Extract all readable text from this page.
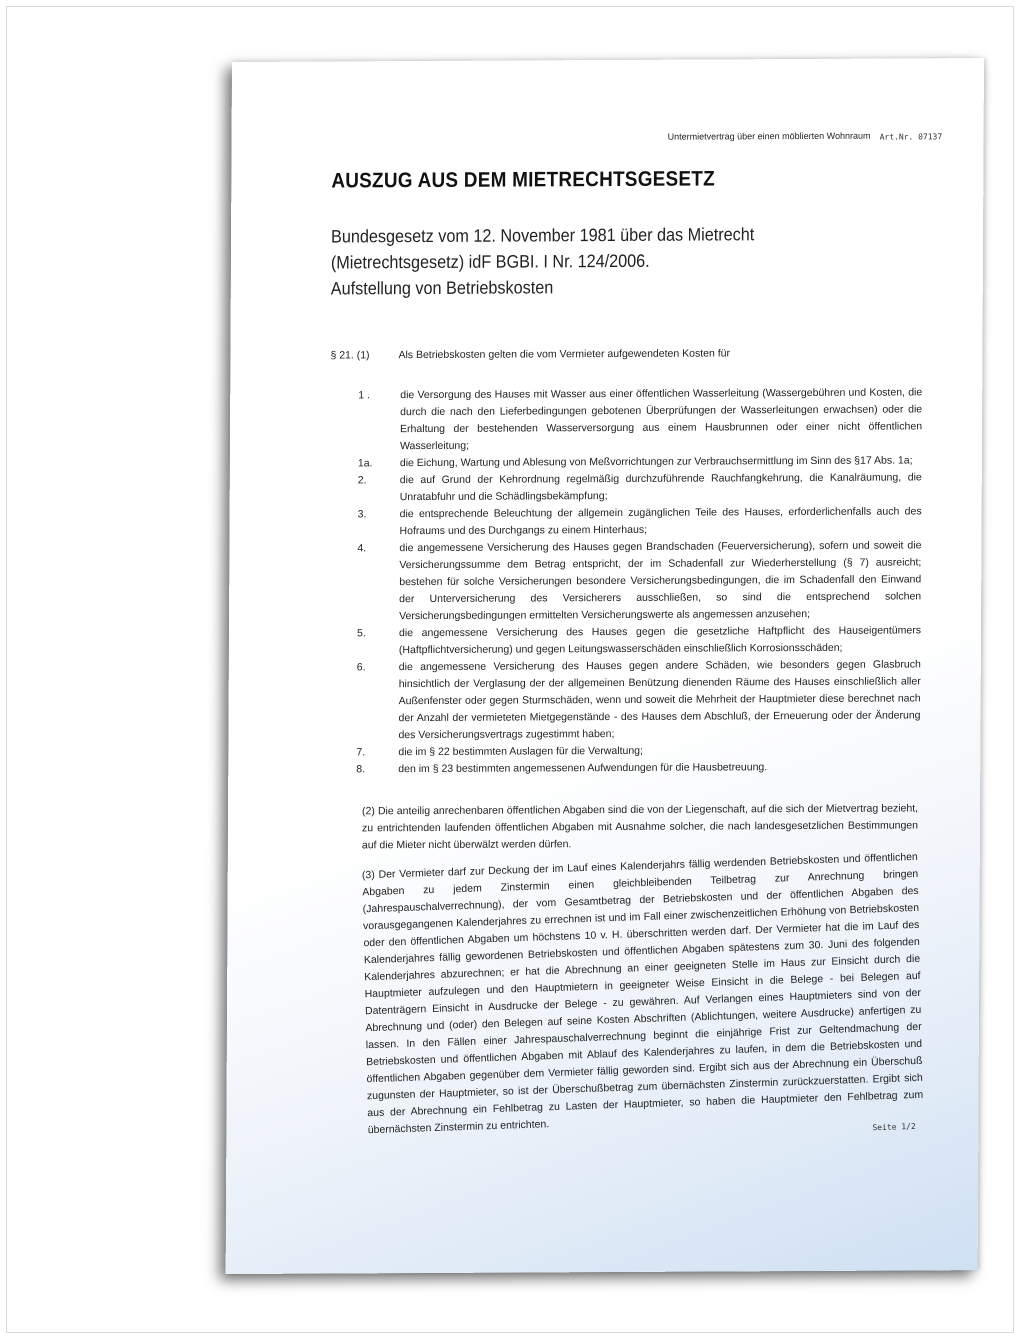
Untermietvertrag über einen möblierten Wohnraum Art.Nr. 07137
AUSZUG AUS DEM MIETRECHTSGESETZ
Bundesgesetz vom 12. November 1981 über das Mietrecht
(Mietrechtsgesetz) idF BGBI. I Nr. 124/2006.
Aufstellung von Betriebskosten
§ 21. (1)	Als Betriebskosten gelten die vom Vermieter aufgewendeten Kosten für
1 .	die Versorgung des Hauses mit Wasser aus einer öffentlichen Wasserleitung (Wassergebühren und Kosten, die durch die nach den Lieferbedingungen gebotenen Überprüfungen der Wasserleitungen erwachsen) oder die Erhaltung der bestehenden Wasserversorgung aus einem Hausbrunnen oder einer nicht öffentlichen Wasserleitung;
1a.	die Eichung, Wartung und Ablesung von Meßvorrichtungen zur Verbrauchsermittlung im Sinn des §17 Abs. 1a;
2.	die auf Grund der Kehrordnung regelmäßig durchzuführende Rauchfangkehrung, die Kanalräumung, die Unratabfuhr und die Schädlingsbekämpfung;
3.	die entsprechende Beleuchtung der allgemein zugänglichen Teile des Hauses, erforderlichenfalls auch des Hofraums und des Durchgangs zu einem Hinterhaus;
4.	die angemessene Versicherung des Hauses gegen Brandschaden (Feuerversicherung), sofern und soweit die Versicherungssumme dem Betrag entspricht, der im Schadenfall zur Wiederherstellung (§ 7) ausreicht; bestehen für solche Versicherungen besondere Versicherungsbedingungen, die im Schadenfall den Einwand der Unterversicherung des Versicherers ausschließen, so sind die entsprechend solchen Versicherungsbedingungen ermittelten Versicherungswerte als angemessen anzusehen;
5.	die angemessene Versicherung des Hauses gegen die gesetzliche Haftpflicht des Hauseigentümers (Haftpflichtversicherung) und gegen Leitungswasserschäden einschließlich Korrosionsschäden;
6.	die angemessene Versicherung des Hauses gegen andere Schäden, wie besonders gegen Glasbruch hinsichtlich der Verglasung der der allgemeinen Benützung dienenden Räume des Hauses einschließlich aller Außenfenster oder gegen Sturmschäden, wenn und soweit die Mehrheit der Hauptmieter diese berechnet nach der Anzahl der vermieteten Mietgegenstände - des Hauses dem Abschluß, der Erneuerung oder der Änderung des Versicherungsvertrags zugestimmt haben;
7.	die im § 22 bestimmten Auslagen für die Verwaltung;
8.	den im § 23 bestimmten angemessenen Aufwendungen für die Hausbetreuung.
(2) Die anteilig anrechenbaren öffentlichen Abgaben sind die von der Liegenschaft, auf die sich der Mietvertrag bezieht, zu entrichtenden laufenden öffentlichen Abgaben mit Ausnahme solcher, die nach landesgesetzlichen Bestimmungen auf die Mieter nicht überwälzt werden dürfen.
(3) Der Vermieter darf zur Deckung der im Lauf eines Kalenderjahrs fällig werdenden Betriebskosten und öffentlichen Abgaben zu jedem Zinstermin einen gleichbleibenden Teilbetrag zur Anrechnung bringen (Jahrespauschalverrechnung), der vom Gesamtbetrag der Betriebskosten und der öffentlichen Abgaben des vorausgegangenen Kalenderjahres zu errechnen ist und im Fall einer zwischenzeitlichen Erhöhung von Betriebskosten oder den öffentlichen Abgaben um höchstens 10 v. H. überschritten werden darf. Der Vermieter hat die im Lauf des Kalenderjahres fällig gewordenen Betriebskosten und öffentlichen Abgaben spätestens zum 30. Juni des folgenden Kalenderjahres abzurechnen; er hat die Abrechnung an einer geeigneten Stelle im Haus zur Einsicht durch die Hauptmieter aufzulegen und den Hauptmietern in geeigneter Weise Einsicht in die Belege - bei Belegen auf Datenträgern Einsicht in Ausdrucke der Belege - zu gewähren. Auf Verlangen eines Hauptmieters sind von der Abrechnung und (oder) den Belegen auf seine Kosten Abschriften (Ablichtungen, weitere Ausdrucke) anfertigen zu lassen. In den Fällen einer Jahrespauschalverrechnung beginnt die einjährige Frist zur Geltendmachung der Betriebskosten und öffentlichen Abgaben mit Ablauf des Kalenderjahres zu laufen, in dem die Betriebskosten und öffentlichen Abgaben gegenüber dem Vermieter fällig geworden sind. Ergibt sich aus der Abrechnung ein Überschuß zugunsten der Hauptmieter, so ist der Überschußbetrag zum übernächsten Zinstermin zurückzuerstatten. Ergibt sich aus der Abrechnung ein Fehlbetrag zu Lasten der Hauptmieter, so haben die Hauptmieter den Fehlbetrag zum übernächsten Zinstermin zu entrichten.	Seite 1/2
